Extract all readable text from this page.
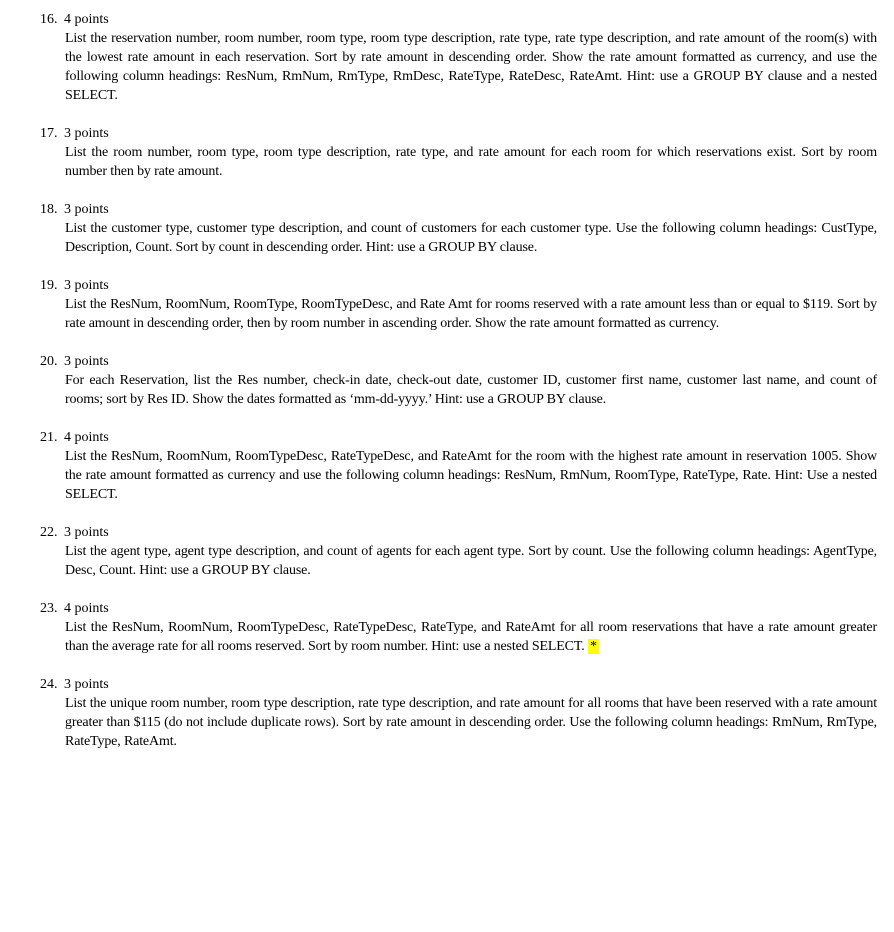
16. 4 points
List the reservation number, room number, room type, room type description, rate type, rate type description, and rate amount of the room(s) with the lowest rate amount in each reservation. Sort by rate amount in descending order. Show the rate amount formatted as currency, and use the following column headings: ResNum, RmNum, RmType, RmDesc, RateType, RateDesc, RateAmt. Hint: use a GROUP BY clause and a nested SELECT.
17. 3 points
List the room number, room type, room type description, rate type, and rate amount for each room for which reservations exist. Sort by room number then by rate amount.
18. 3 points
List the customer type, customer type description, and count of customers for each customer type. Use the following column headings: CustType, Description, Count. Sort by count in descending order. Hint: use a GROUP BY clause.
19. 3 points
List the ResNum, RoomNum, RoomType, RoomTypeDesc, and Rate Amt for rooms reserved with a rate amount less than or equal to $119. Sort by rate amount in descending order, then by room number in ascending order. Show the rate amount formatted as currency.
20. 3 points
For each Reservation, list the Res number, check-in date, check-out date, customer ID, customer first name, customer last name, and count of rooms; sort by Res ID. Show the dates formatted as ‘mm-dd-yyyy.’ Hint: use a GROUP BY clause.
21. 4 points
List the ResNum, RoomNum, RoomTypeDesc, RateTypeDesc, and RateAmt for the room with the highest rate amount in reservation 1005. Show the rate amount formatted as currency and use the following column headings: ResNum, RmNum, RoomType, RateType, Rate. Hint: Use a nested SELECT.
22. 3 points
List the agent type, agent type description, and count of agents for each agent type. Sort by count. Use the following column headings: AgentType, Desc, Count. Hint: use a GROUP BY clause.
23. 4 points
List the ResNum, RoomNum, RoomTypeDesc, RateTypeDesc, RateType, and RateAmt for all room reservations that have a rate amount greater than the average rate for all rooms reserved. Sort by room number. Hint: use a nested SELECT. *
24. 3 points
List the unique room number, room type description, rate type description, and rate amount for all rooms that have been reserved with a rate amount greater than $115 (do not include duplicate rows). Sort by rate amount in descending order. Use the following column headings: RmNum, RmType, RateType, RateAmt.
